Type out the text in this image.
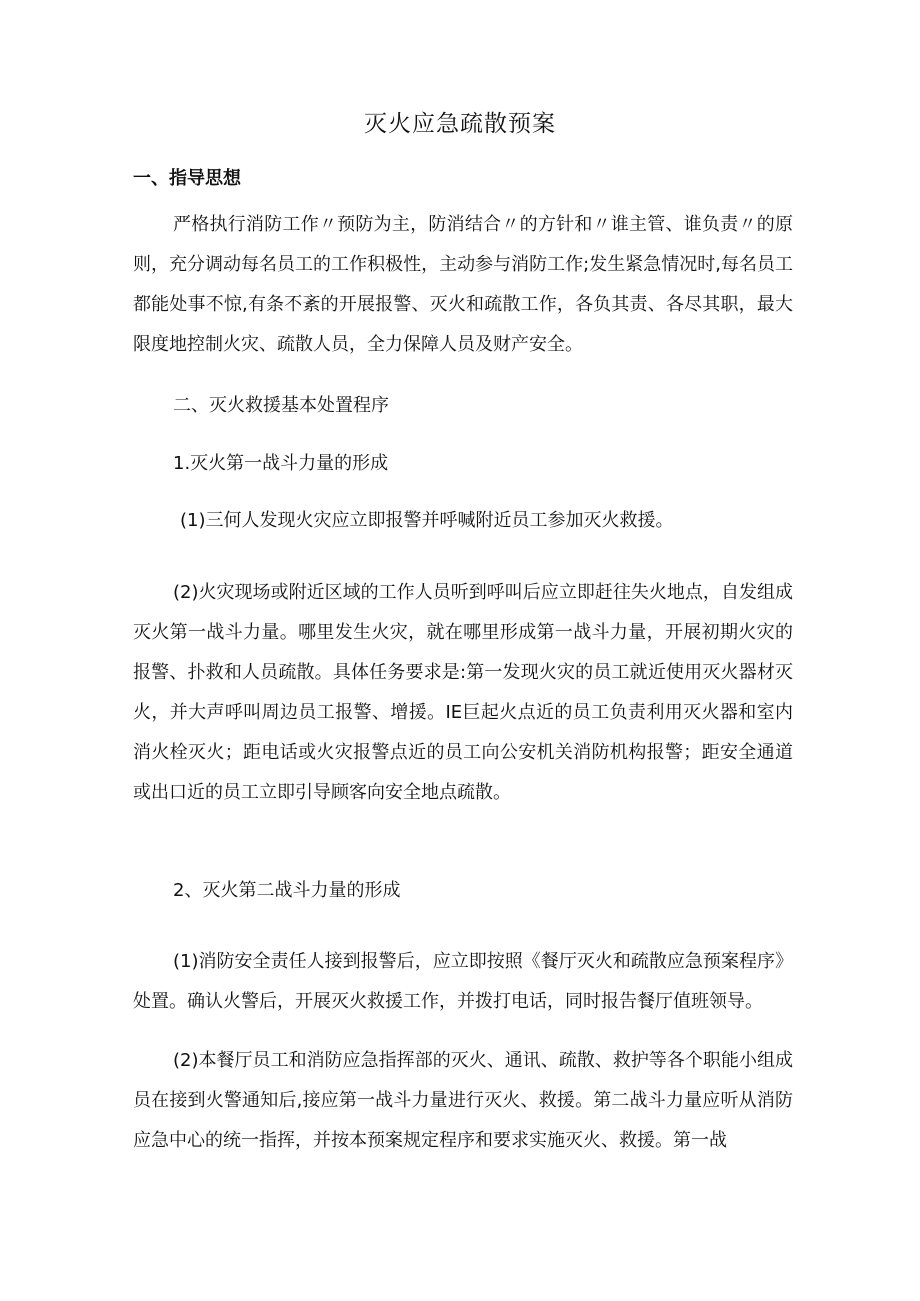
灭火应急疏散预案
一、指导思想

严格执行消防工作〃预防为主，防消结合〃的方针和〃谁主管、谁负责〃的原则，充分调动每名员工的工作积极性，主动参与消防工作;发生紧急情况时,每名员工都能处事不惊,有条不紊的开展报警、灭火和疏散工作，各负其责、各尽其职，最大限度地控制火灾、疏散人员，全力保障人员及财产安全。

二、灭火救援基本处置程序
1.灭火第一战斗力量的形成
(1)三何人发现火灾应立即报警并呼喊附近员工参加灭火救援。

(2)火灾现场或附近区域的工作人员听到呼叫后应立即赶往失火地点，自发组成灭火第一战斗力量。哪里发生火灾，就在哪里形成第一战斗力量，开展初期火灾的报警、扑救和人员疏散。具体任务要求是:第一发现火灾的员工就近使用灭火器材灭火，并大声呼叫周边员工报警、增援。IE巨起火点近的员工负责利用灭火器和室内消火栓灭火；距电话或火灾报警点近的员工向公安机关消防机构报警；距安全通道或出口近的员工立即引导顾客向安全地点疏散。

2、灭火第二战斗力量的形成

(1)消防安全责任人接到报警后，应立即按照《餐厅灭火和疏散应急预案程序》处置。确认火警后，开展灭火救援工作，并拨打电话，同时报告餐厅值班领导。

(2)本餐厅员工和消防应急指挥部的灭火、通讯、疏散、救护等各个职能小组成员在接到火警通知后,接应第一战斗力量进行灭火、救援。第二战斗力量应听从消防应急中心的统一指挥，并按本预案规定程序和要求实施灭火、救援。第一战
